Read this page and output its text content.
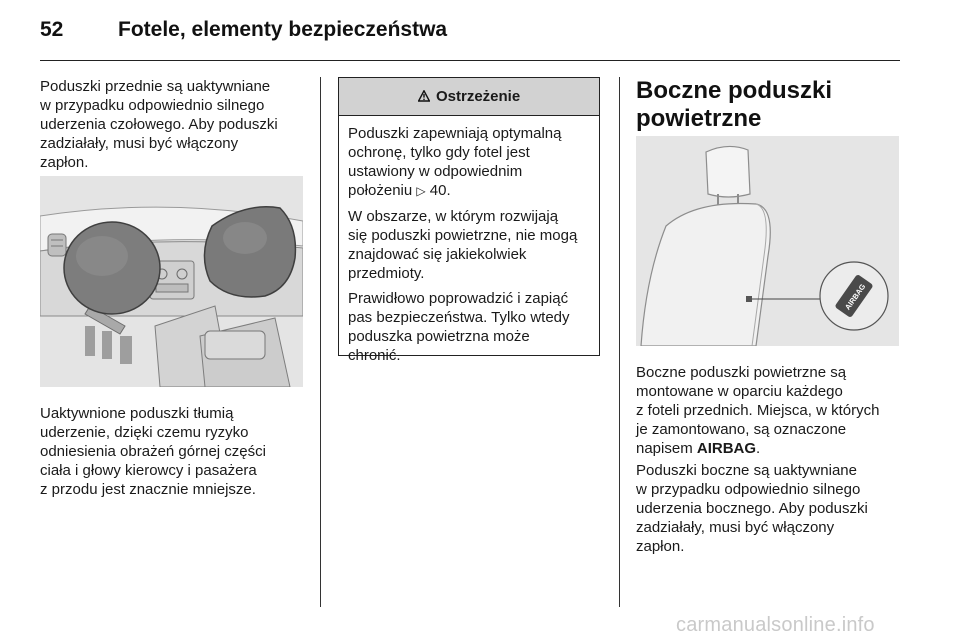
52	Fotele, elementy bezpieczeństwa

Poduszki przednie są uaktywniane
w przypadku odpowiednio silnego
uderzenia czołowego. Aby poduszki
zadziałały, musi być włączony
zapłon.

Uaktywnione poduszki tłumią
uderzenie, dzięki czemu ryzyko
odniesienia obrażeń górnej części
ciała i głowy kierowcy i pasażera
z przodu jest znacznie mniejsze.

Ostrzeżenie

Poduszki zapewniają optymalną
ochronę, tylko gdy fotel jest
ustawiony w odpowiednim
położeniu ▷ 40.

W obszarze, w którym rozwijają
się poduszki powietrzne, nie mogą
znajdować się jakiekolwiek
przedmioty.

Prawidłowo poprowadzić i zapiąć
pas bezpieczeństwa. Tylko wtedy
poduszka powietrzna może
chronić.

Boczne poduszki
powietrzne
AIRBAG

Boczne poduszki powietrzne są
montowane w oparciu każdego
z foteli przednich. Miejsca, w których
je zamontowano, są oznaczone
napisem AIRBAG.

Poduszki boczne są uaktywniane
w przypadku odpowiednio silnego
uderzenia bocznego. Aby poduszki
zadziałały, musi być włączony
zapłon.

carmanualsonline.info
